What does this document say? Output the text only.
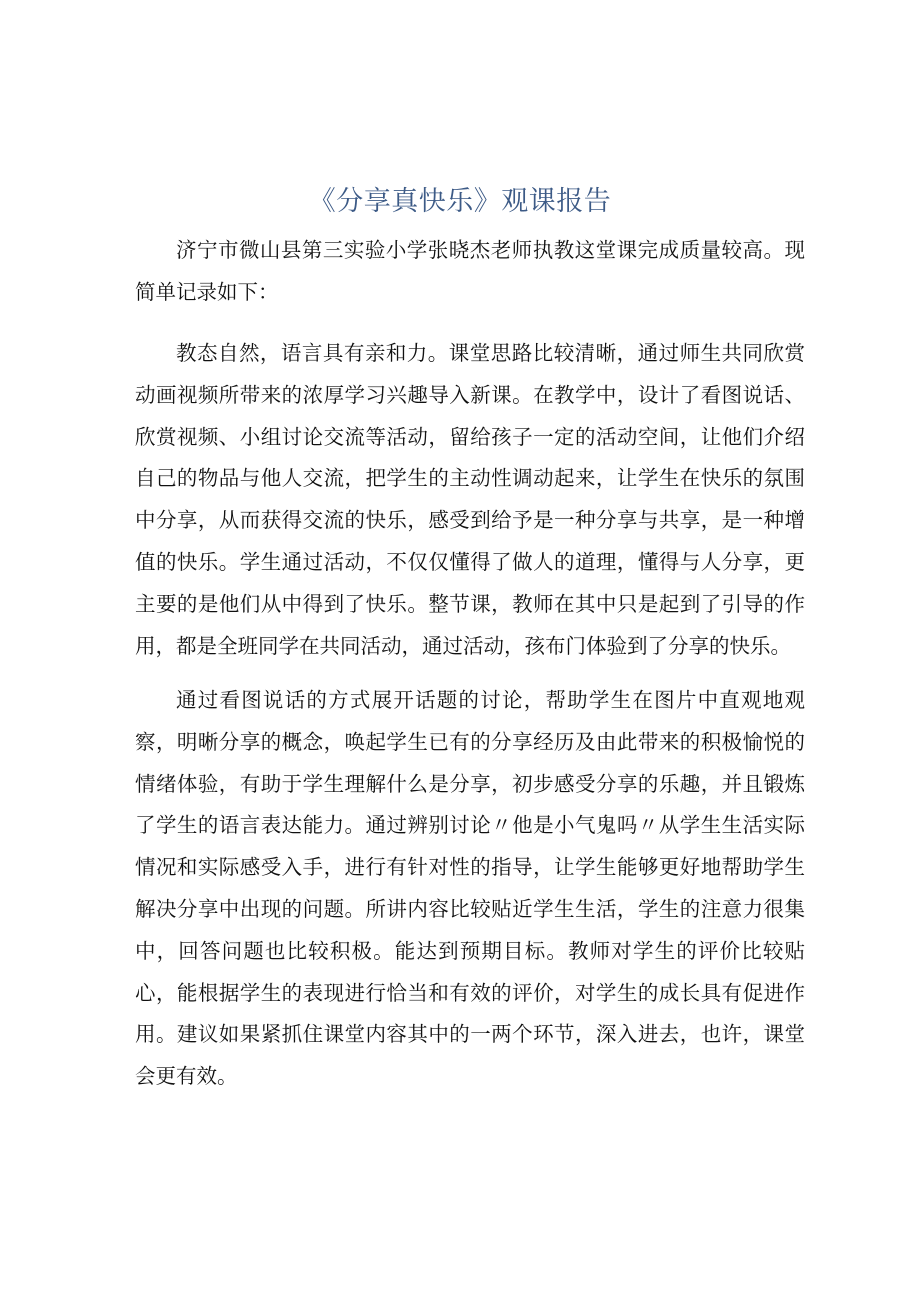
《分享真快乐》观课报告

济宁市微山县第三实验小学张晓杰老师执教这堂课完成质量较高。现简单记录如下：

教态自然，语言具有亲和力。课堂思路比较清晰，通过师生共同欣赏动画视频所带来的浓厚学习兴趣导入新课。在教学中，设计了看图说话、欣赏视频、小组讨论交流等活动，留给孩子一定的活动空间，让他们介绍自己的物品与他人交流，把学生的主动性调动起来，让学生在快乐的氛围中分享，从而获得交流的快乐，感受到给予是一种分享与共享，是一种增值的快乐。学生通过活动，不仅仅懂得了做人的道理，懂得与人分享，更主要的是他们从中得到了快乐。整节课，教师在其中只是起到了引导的作用，都是全班同学在共同活动，通过活动，孩布门体验到了分享的快乐。

通过看图说话的方式展开话题的讨论，帮助学生在图片中直观地观察，明晰分享的概念，唤起学生已有的分享经历及由此带来的积极愉悦的情绪体验，有助于学生理解什么是分享，初步感受分享的乐趣，并且锻炼了学生的语言表达能力。通过辨别讨论〃他是小气鬼吗〃从学生生活实际情况和实际感受入手，进行有针对性的指导，让学生能够更好地帮助学生解决分享中出现的问题。所讲内容比较贴近学生生活，学生的注意力很集中，回答问题也比较积极。能达到预期目标。教师对学生的评价比较贴心，能根据学生的表现进行恰当和有效的评价，对学生的成长具有促进作用。建议如果紧抓住课堂内容其中的一两个环节，深入进去，也许，课堂会更有效。
